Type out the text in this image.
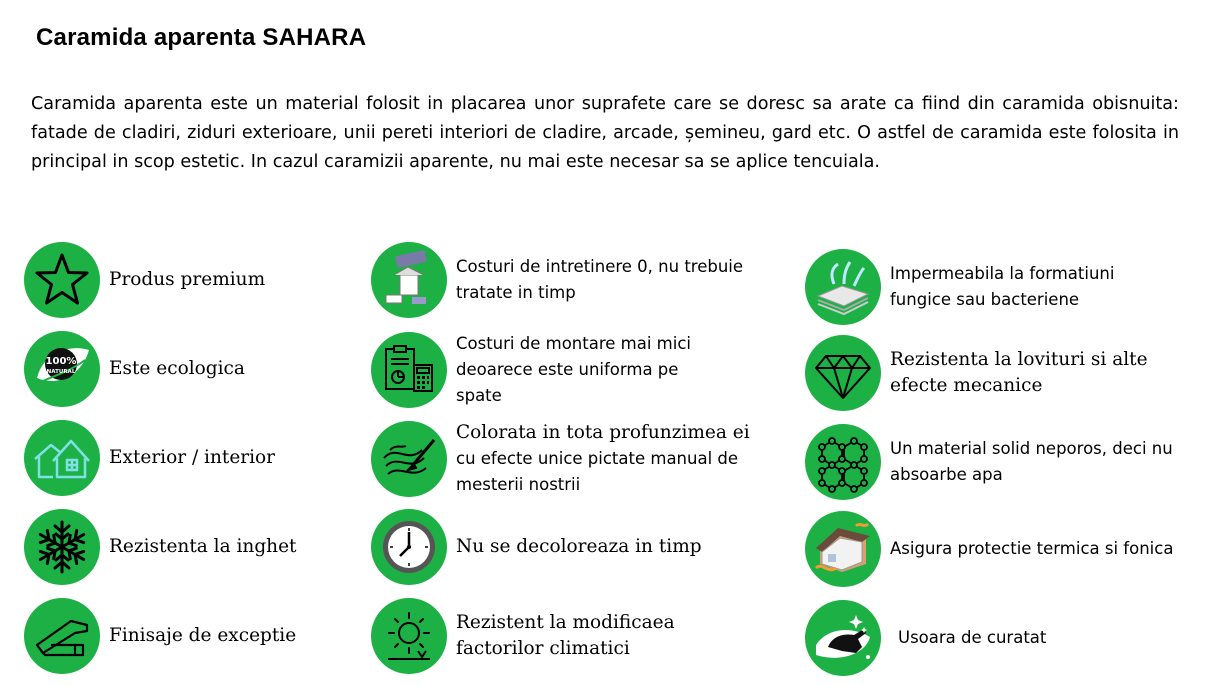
Caramida aparenta SAHARA
Caramida aparenta este un material folosit in placarea unor suprafete care se doresc sa arate ca fiind din caramida obisnuita: fatade de cladiri, ziduri exterioare, unii pereti interiori de cladire, arcade, șemineu, gard etc. O astfel de caramida este folosita in principal in scop estetic. In cazul caramizii aparente, nu mai este necesar sa se aplice tencuiala.
Produs premium
100%
NATURAL Este ecologica
Exterior / interior
Rezistenta la inghet
Finisaje de exceptie
Costuri de intretinere 0, nu trebuie
tratate in timp
Costuri de montare mai mici
deoarece este uniforma pe
spate
Colorata in tota profunzimea ei
cu efecte unice pictate manual de
mesterii nostrii
Nu se decoloreaza in timp
Rezistent la modificaea
factorilor climatici
Impermeabila la formatiuni
fungice sau bacteriene
Rezistenta la lovituri si alte
efecte mecanice
Un material solid neporos, deci nu
absoarbe apa
Asigura protectie termica si fonica
Usoara de curatat
